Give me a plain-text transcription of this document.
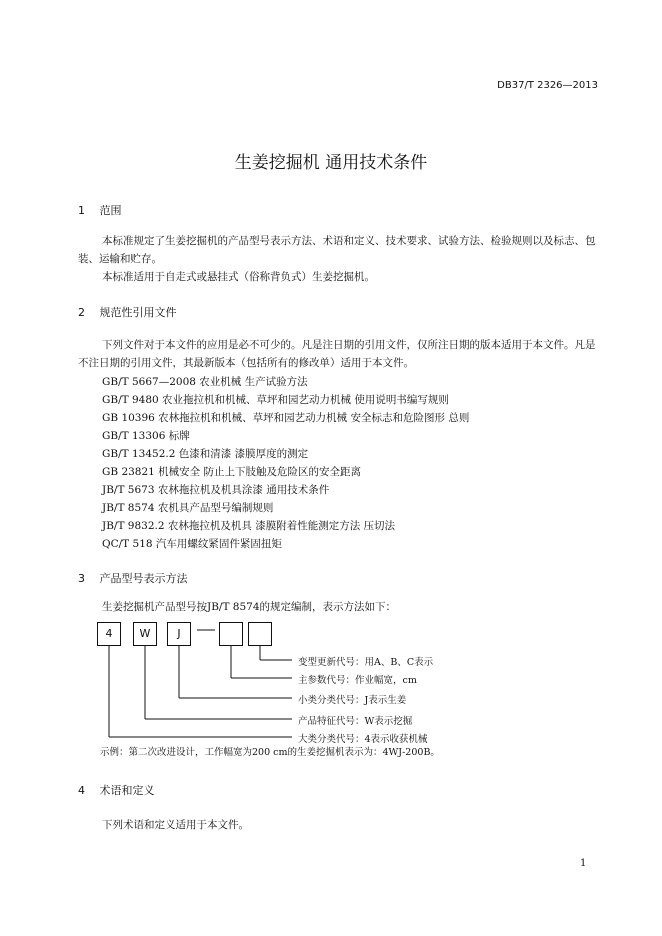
DB37/T 2326—2013
生姜挖掘机 通用技术条件
1 范围
本标准规定了生姜挖掘机的产品型号表示方法、术语和定义、技术要求、试验方法、检验规则以及标志、包装、运输和贮存。
本标准适用于自走式或悬挂式（俗称背负式）生姜挖掘机。
2 规范性引用文件
下列文件对于本文件的应用是必不可少的。凡是注日期的引用文件，仅所注日期的版本适用于本文件。凡是不注日期的引用文件，其最新版本（包括所有的修改单）适用于本文件。
GB/T 5667—2008 农业机械 生产试验方法
GB/T 9480 农业拖拉机和机械、草坪和园艺动力机械 使用说明书编写规则
GB 10396 农林拖拉机和机械、草坪和园艺动力机械 安全标志和危险图形 总则
GB/T 13306 标牌
GB/T 13452.2 色漆和清漆 漆膜厚度的测定
GB 23821 机械安全 防止上下肢触及危险区的安全距离
JB/T 5673 农林拖拉机及机具涂漆 通用技术条件
JB/T 8574 农机具产品型号编制规则
JB/T 9832.2 农林拖拉机及机具 漆膜附着性能测定方法 压切法
QC/T 518 汽车用螺纹紧固件紧固扭矩
3 产品型号表示方法
生姜挖掘机产品型号按JB/T 8574的规定编制，表示方法如下：
4	W	J
变型更新代号：用A、B、C表示
主参数代号：作业幅宽，cm
小类分类代号：J表示生姜
产品特征代号：W表示挖掘
大类分类代号：4表示收获机械
示例：第二次改进设计，工作幅宽为200 cm的生姜挖掘机表示为：4WJ-200B。
4 术语和定义
下列术语和定义适用于本文件。
1
